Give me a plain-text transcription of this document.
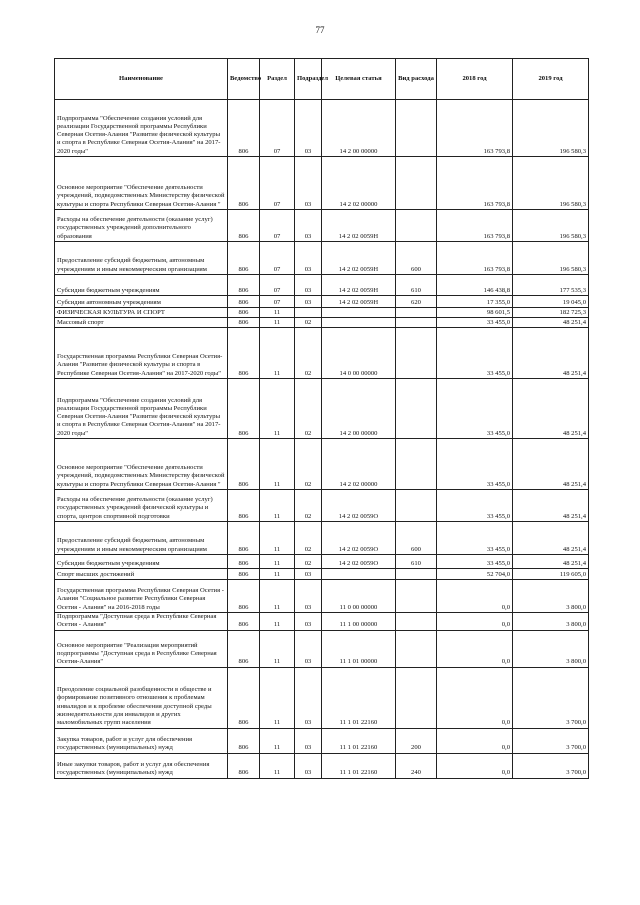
77
Наименование	Ведомство	Раздел	Подраздел	Целевая статья	Вид расхода	2018 год	2019 год
Подпрограмма "Обеспечение создания условий для реализации Государственной программы Республики Северная Осетия-Алания "Развитие физической культуры и спорта в Республике Северная Осетия-Алания" на 2017-2020 годы"	806	07	03	14 2 00 00000		163 793,8	196 580,3
Основное мероприятие "Обеспечение деятельности учреждений, подведомственных Министерству физической культуры и спорта Республики Северная Осетия-Алания "	806	07	03	14 2 02 00000		163 793,8	196 580,3
Расходы на обеспечение деятельности (оказание услуг) государственных учреждений дополнительного образования	806	07	03	14 2 02 0059Н		163 793,8	196 580,3
Предоставление субсидий бюджетным, автономным учреждениям и иным некоммерческим организациям	806	07	03	14 2 02 0059Н	600	163 793,8	196 580,3
Субсидии бюджетным учреждениям	806	07	03	14 2 02 0059Н	610	146 438,8	177 535,3
Субсидии автономным учреждениям	806	07	03	14 2 02 0059Н	620	17 355,0	19 045,0
ФИЗИЧЕСКАЯ КУЛЬТУРА И СПОРТ	806	11				98 601,5	182 725,3
Массовый спорт	806	11	02			33 455,0	48 251,4
Государственная программа Республики Северная Осетия-Алания "Развитие физической культуры и спорта в Республике Северная Осетия-Алания" на 2017-2020 годы"	806	11	02	14 0 00 00000		33 455,0	48 251,4
Подпрограмма "Обеспечение создания условий для реализации Государственной программы Республики Северная Осетия-Алания "Развитие физической культуры и спорта в Республике Северная Осетия-Алания" на 2017-2020 годы"	806	11	02	14 2 00 00000		33 455,0	48 251,4
Основное мероприятие "Обеспечение деятельности учреждений, подведомственных Министерству физической культуры и спорта Республики Северная Осетия-Алания "	806	11	02	14 2 02 00000		33 455,0	48 251,4
Расходы на обеспечение деятельности (оказание услуг) государственных учреждений физической культуры и спорта, центров спортивной подготовки	806	11	02	14 2 02 0059О		33 455,0	48 251,4
Предоставление субсидий бюджетным, автономным учреждениям и иным некоммерческим организациям	806	11	02	14 2 02 0059О	600	33 455,0	48 251,4
Субсидии бюджетным учреждениям	806	11	02	14 2 02 0059О	610	33 455,0	48 251,4
Спорт высших достижений	806	11	03			52 704,0	119 605,0
Государственная программа Республики Северная Осетия - Алания "Социальное развитие Республики Северная Осетия - Алания" на 2016-2018 годы	806	11	03	11 0 00 00000		0,0	3 800,0
Подпрограмма "Доступная среда в Республике Северная Осетия - Алания"	806	11	03	11 1 00 00000		0,0	3 800,0
Основное мероприятие "Реализация мероприятий подпрограммы "Доступная среда в Республике Северная Осетия-Алания"	806	11	03	11 1 01 00000		0,0	3 800,0
Преодоление социальной разобщенности в обществе и формирование позитивного отношения к проблемам инвалидов и к проблеме обеспечения доступной среды жизнедеятельности для инвалидов и других маломобильных групп населения	806	11	03	11 1 01 22160		0,0	3 700,0
Закупка товаров, работ и услуг для обеспечения государственных (муниципальных) нужд	806	11	03	11 1 01 22160	200	0,0	3 700,0
Иные закупки товаров, работ и услуг для обеспечения государственных (муниципальных) нужд	806	11	03	11 1 01 22160	240	0,0	3 700,0
